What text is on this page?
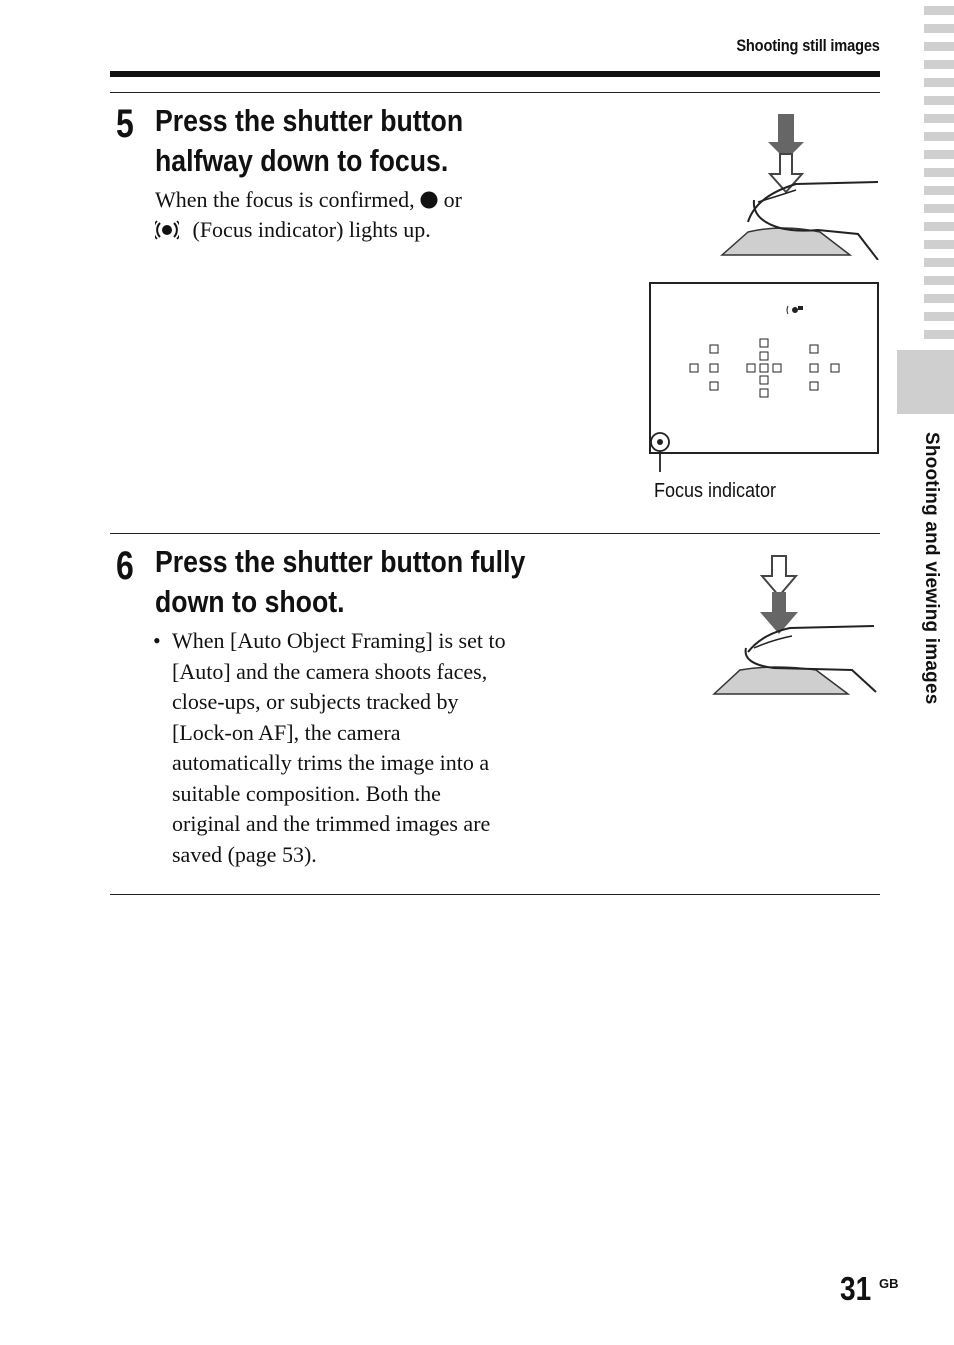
Shooting still images
Shooting and viewing images
5 Press the shutter button
halfway down to focus.
When the focus is confirmed, or
(Focus indicator) lights up.
Focus indicator
6 Press the shutter button fully
down to shoot.
• When [Auto Object Framing] is set to
[Auto] and the camera shoots faces,
close-ups, or subjects tracked by
[Lock-on AF], the camera
automatically trims the image into a
suitable composition. Both the
original and the trimmed images are
saved (page 53).
31 GB
